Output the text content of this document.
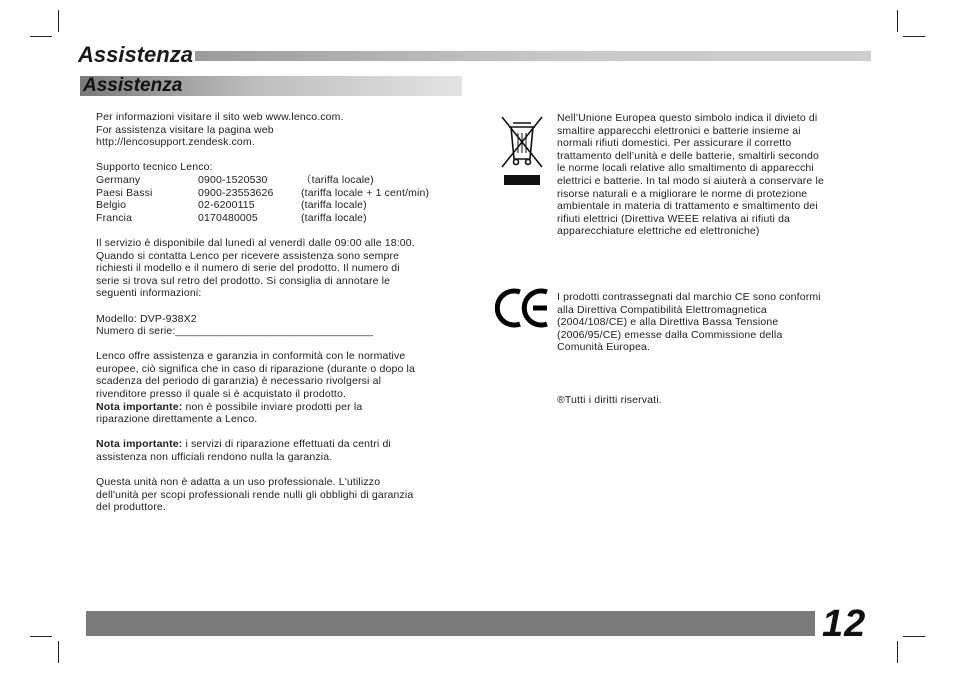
Assistenza
Assistenza

Per informazioni visitare il sito web www.lenco.com.

For assistenza visitare la pagina web

http://lencosupport.zendesk.com.

Supporto tecnico Lenco:

Germany	0900-1520530	（tariffa locale)
Paesi Bassi	0900-23553626	(tariffa locale + 1 cent/min)
Belgio	02-6200115	(tariffa locale)
Francia	0170480005	(tariffa locale)

Il servizio è disponibile dal lunedì al venerdì dalle 09:00 alle 18:00.

Quando si contatta Lenco per ricevere assistenza sono sempre

richiesti il modello e il numero di serie del prodotto. Il numero di

serie si trova sul retro del prodotto. Si consiglia di annotare le

seguenti informazioni:

Modello: DVP-938X2

Numero di serie:_________________________________

Lenco offre assistenza e garanzia in conformità con le normative

europee, ciò significa che in caso di riparazione (durante o dopo la

scadenza del periodo di garanzia) è necessario rivolgersi al

rivenditore presso il quale si è acquistato il prodotto.

Nota importante: non è possibile inviare prodotti per la

riparazione direttamente a Lenco.

Nota importante: i servizi di riparazione effettuati da centri di

assistenza non ufficiali rendono nulla la garanzia.

Questa unità non è adatta a un uso professionale. L'utilizzo

dell'unità per scopi professionali rende nulli gli obblighi di garanzia

del produttore.

Nell’Unione Europea questo simbolo indica il divieto di

smaltire apparecchi elettronici e batterie insieme ai

normali rifiuti domestici. Per assicurare il corretto

trattamento dell’unità e delle batterie, smaltirli secondo

le norme locali relative allo smaltimento di apparecchi

elettrici e batterie. In tal modo si aiuterà a conservare le

risorse naturali e a migliorare le norme di protezione

ambientale in materia di trattamento e smaltimento dei

rifiuti elettrici (Direttiva WEEE relativa ai rifiuti da

apparecchiature elettriche ed elettroniche)

I prodotti contrassegnati dal marchio CE sono conformi

alla Direttiva Compatibilità Elettromagnetica

(2004/108/CE) e alla Direttiva Bassa Tensione

(2006/95/CE) emesse dalla Commissione della

Comunità Europea.

®Tutti i diritti riservati.

12
